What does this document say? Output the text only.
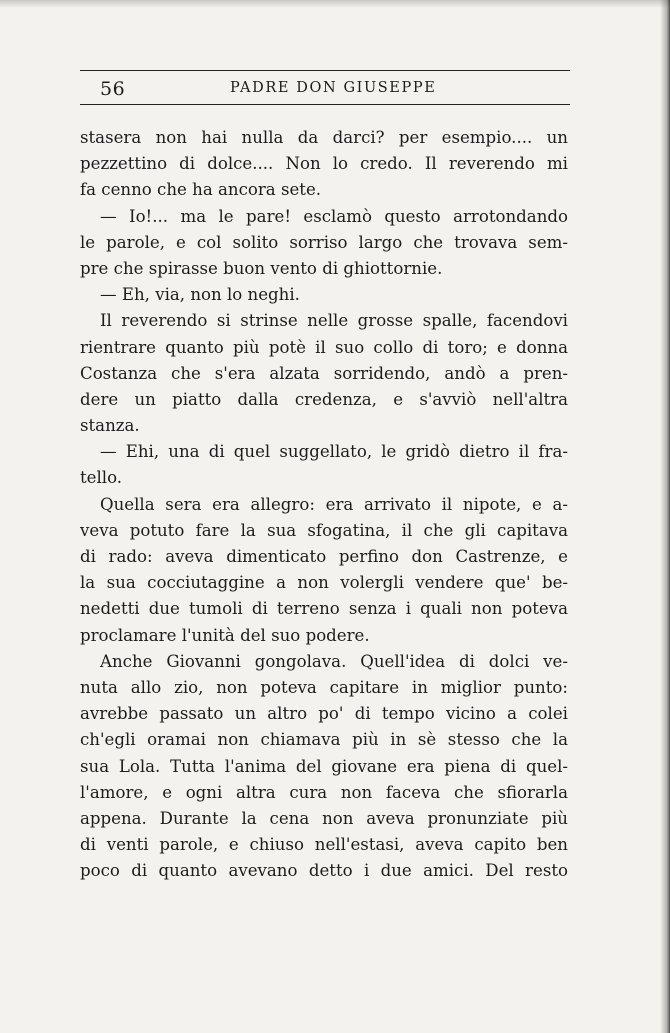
56	PADRE DON GIUSEPPE
stasera non hai nulla da darci? per esempio.... un
pezzettino di dolce.... Non lo credo. Il reverendo mi
fa cenno che ha ancora sete.
— Io!... ma le pare! esclamò questo arrotondando
le parole, e col solito sorriso largo che trovava sem-
pre che spirasse buon vento di ghiottornie.
— Eh, via, non lo neghi.
Il reverendo si strinse nelle grosse spalle, facendovi
rientrare quanto più potè il suo collo di toro; e donna
Costanza che s'era alzata sorridendo, andò a pren-
dere un piatto dalla credenza, e s'avviò nell'altra
stanza.
— Ehi, una di quel suggellato, le gridò dietro il fra-
tello.
Quella sera era allegro: era arrivato il nipote, e a-
veva potuto fare la sua sfogatina, il che gli capitava
di rado: aveva dimenticato perfino don Castrenze, e
la sua cocciutaggine a non volergli vendere que' be-
nedetti due tumoli di terreno senza i quali non poteva
proclamare l'unità del suo podere.
Anche Giovanni gongolava. Quell'idea di dolci ve-
nuta allo zio, non poteva capitare in miglior punto:
avrebbe passato un altro po' di tempo vicino a colei
ch'egli oramai non chiamava più in sè stesso che la
sua Lola. Tutta l'anima del giovane era piena di quel-
l'amore, e ogni altra cura non faceva che sfiorarla
appena. Durante la cena non aveva pronunziate più
di venti parole, e chiuso nell'estasi, aveva capito ben
poco di quanto avevano detto i due amici. Del resto
